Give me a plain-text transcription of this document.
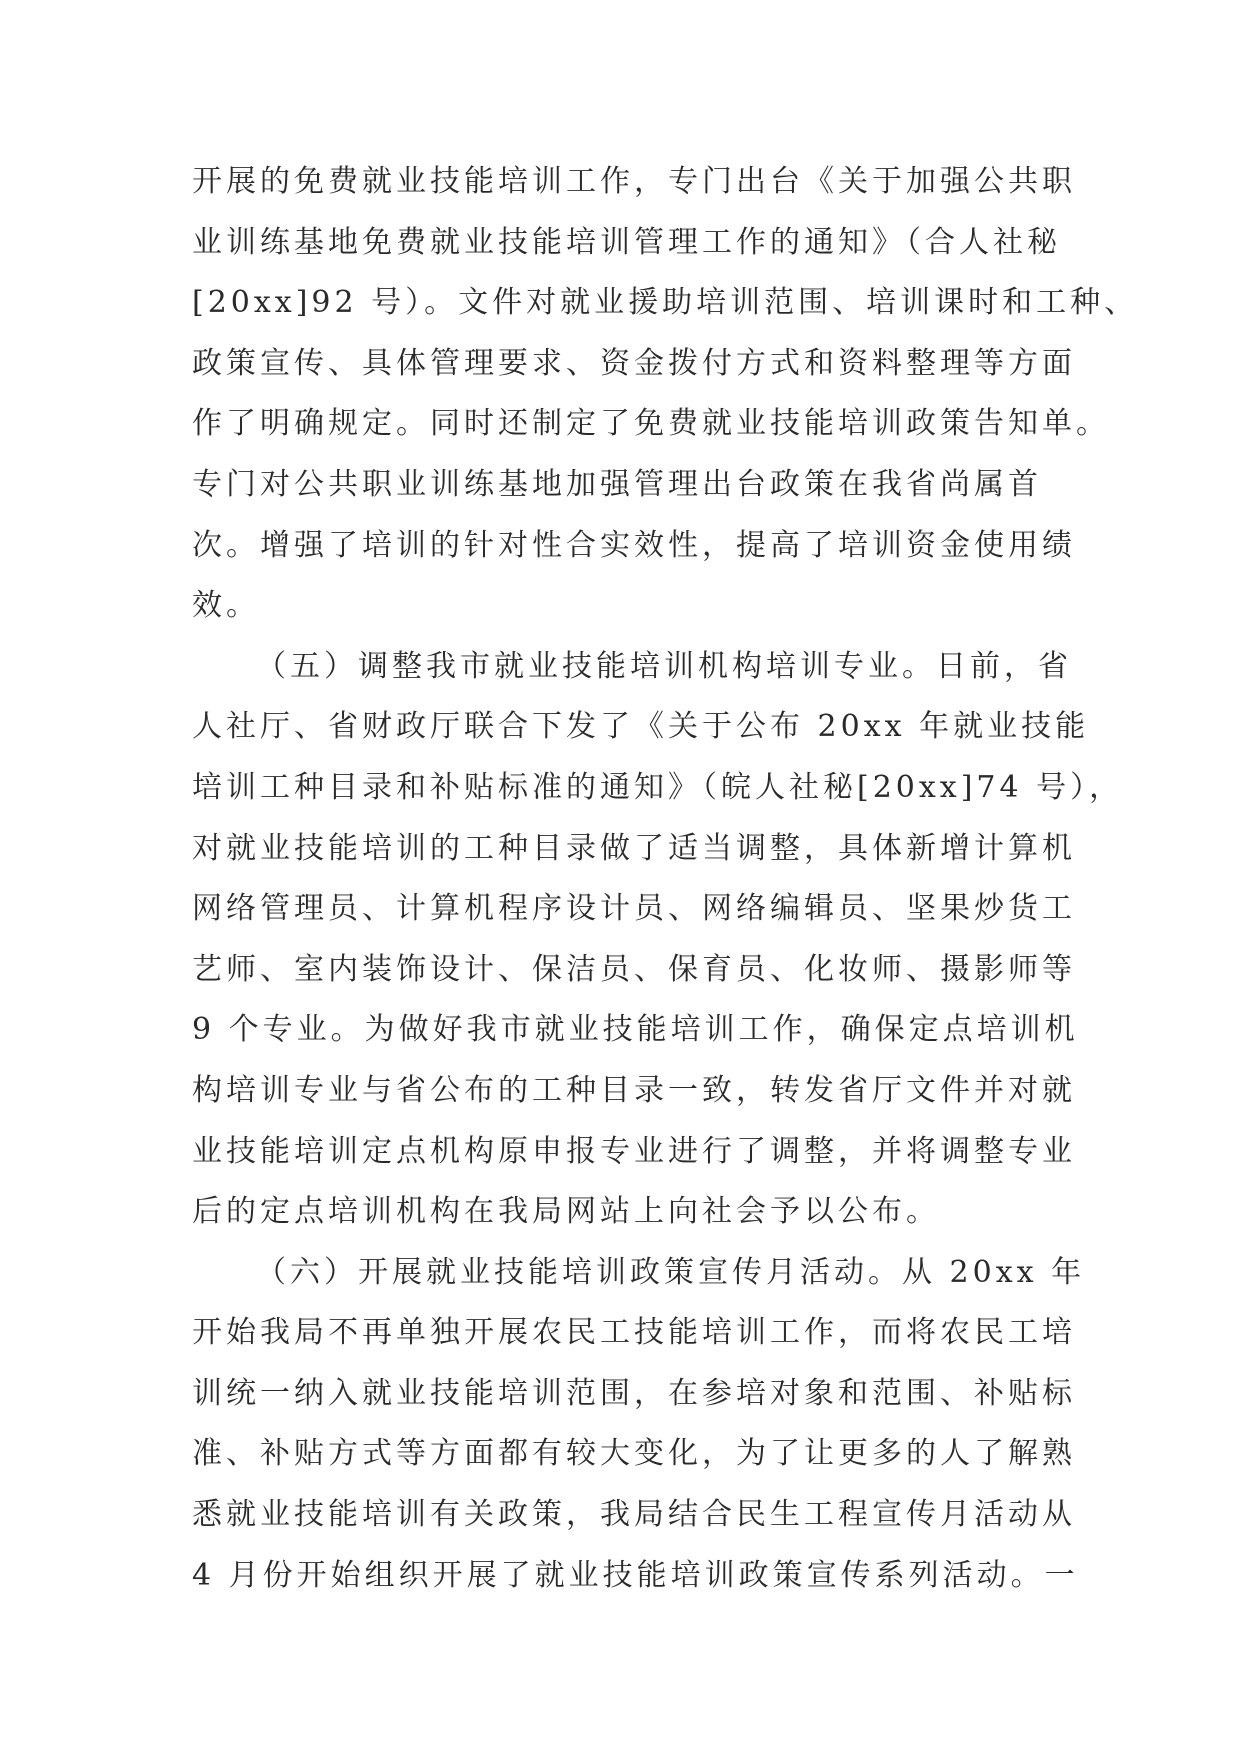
开展的免费就业技能培训工作，专门出台《关于加强公共职
业训练基地免费就业技能培训管理工作的通知》（合人社秘
[20xx]92 号）。文件对就业援助培训范围、培训课时和工种、
政策宣传、具体管理要求、资金拨付方式和资料整理等方面
作了明确规定。同时还制定了免费就业技能培训政策告知单。
专门对公共职业训练基地加强管理出台政策在我省尚属首
次。增强了培训的针对性合实效性，提高了培训资金使用绩
效。
（五）调整我市就业技能培训机构培训专业。日前，省
人社厅、省财政厅联合下发了《关于公布 20xx 年就业技能
培训工种目录和补贴标准的通知》（皖人社秘[20xx]74 号），
对就业技能培训的工种目录做了适当调整，具体新增计算机
网络管理员、计算机程序设计员、网络编辑员、坚果炒货工
艺师、室内装饰设计、保洁员、保育员、化妆师、摄影师等
9 个专业。为做好我市就业技能培训工作，确保定点培训机
构培训专业与省公布的工种目录一致，转发省厅文件并对就
业技能培训定点机构原申报专业进行了调整，并将调整专业
后的定点培训机构在我局网站上向社会予以公布。
（六）开展就业技能培训政策宣传月活动。从 20xx 年
开始我局不再单独开展农民工技能培训工作，而将农民工培
训统一纳入就业技能培训范围，在参培对象和范围、补贴标
准、补贴方式等方面都有较大变化，为了让更多的人了解熟
悉就业技能培训有关政策，我局结合民生工程宣传月活动从
4 月份开始组织开展了就业技能培训政策宣传系列活动。一
